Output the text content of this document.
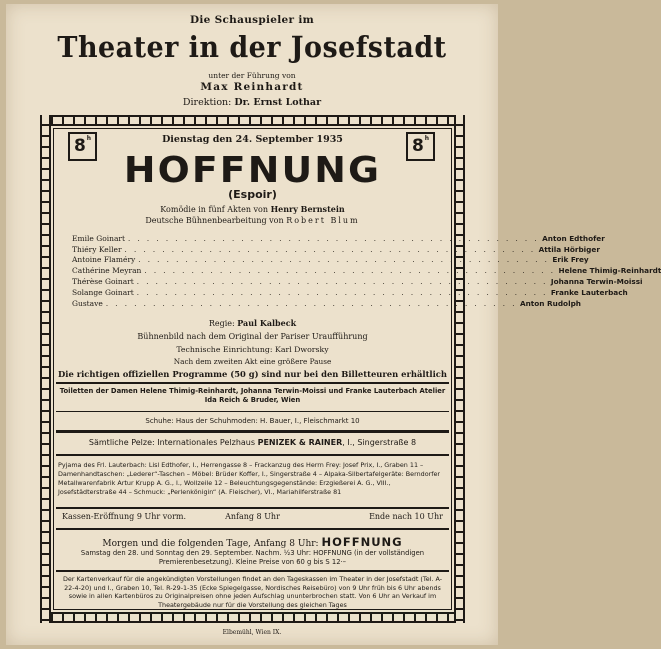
Die Schauspieler im
Theater in der Josefstadt
unter der Führung von
Max Reinhardt
Direktion: Dr. Ernst Lothar
8$^h$	8$^h$
Dienstag den 24. September 1935
HOFFNUNG
(Espoir)
Komödie in fünf Akten von Henry Bernstein
Deutsche Bühnenbearbeitung von Robert Blum
Emile Goinart . . . . . . . . . . . . . . . . . . . . . . . . . . . . . . . . . . . . . . . . . . . . Anton Edthofer
Thiéry Keller . . . . . . . . . . . . . . . . . . . . . . . . . . . . . . . . . . . . . . . . . . . . Attila Hörbiger
Antoine Flaméry . . . . . . . . . . . . . . . . . . . . . . . . . . . . . . . . . . . . . . . . . . . . Erik Frey
Cathérine Meyran . . . . . . . . . . . . . . . . . . . . . . . . . . . . . . . . . . . . . . . . . . . . Helene Thimig-Reinhardt
Thérèse Goinart . . . . . . . . . . . . . . . . . . . . . . . . . . . . . . . . . . . . . . . . . . . . Johanna Terwin-Moissi
Solange Goinart . . . . . . . . . . . . . . . . . . . . . . . . . . . . . . . . . . . . . . . . . . . . Franke Lauterbach
Gustave . . . . . . . . . . . . . . . . . . . . . . . . . . . . . . . . . . . . . . . . . . . . Anton Rudolph
Regie: Paul Kalbeck
Bühnenbild nach dem Original der Pariser Uraufführung
Technische Einrichtung: Karl Dworsky
Nach dem zweiten Akt eine größere Pause
Die richtigen offiziellen Programme (50 g) sind nur bei den Billetteuren erhältlich
Toiletten der Damen Helene Thimig-Reinhardt, Johanna Terwin-Moissi und Franke Lauterbach Atelier Ida Reich & Bruder, Wien
Schuhe: Haus der Schuhmoden: H. Bauer, I., Fleischmarkt 10
Sämtliche Pelze: Internationales Pelzhaus PENIZEK & RAINER, I., Singerstraße 8
Pyjama des Frl. Lauterbach: Lisl Edthofer, I., Herrengasse 8 – Frackanzug des Herrn Frey: Josef Prix, I., Graben 11 – Damenhandtaschen: „Lederer“-Taschen – Möbel: Brüder Koffer, I., Singerstraße 4 – Alpaka-Silbertafelgeräte: Berndorfer Metallwarenfabrik Artur Krupp A. G., I., Wollzeile 12 – Beleuchtungsgegenstände: Erzgießerei A. G., VIII., Josefstädterstraße 44 – Schmuck: „Perlenkönigin“ (A. Fleischer), VI., Mariahilferstraße 81
Kassen-Eröffnung 9 Uhr vorm.	Anfang 8 Uhr	Ende nach 10 Uhr
Morgen und die folgenden Tage, Anfang 8 Uhr: HOFFNUNG
Samstag den 28. und Sonntag den 29. September. Nachm. ½3 Uhr: HOFFNUNG (in der vollständigen Premierenbesetzung). Kleine Preise von 60 g bis S 12·–
Der Kartenverkauf für die angekündigten Vorstellungen findet an den Tageskassen im Theater in der Josefstadt (Tel. A-22-4-20) und I., Graben 10, Tel. R-29-1-35 (Ecke Spiegelgasse, Nordisches Reisebüro) von 9 Uhr früh bis 6 Uhr abends sowie in allen Kartenbüros zu Originalpreisen ohne jeden Aufschlag ununterbrochen statt. Von 6 Uhr an Verkauf im Theatergebäude nur für die Vorstellung des gleichen Tages
Elbemühl, Wien IX.
